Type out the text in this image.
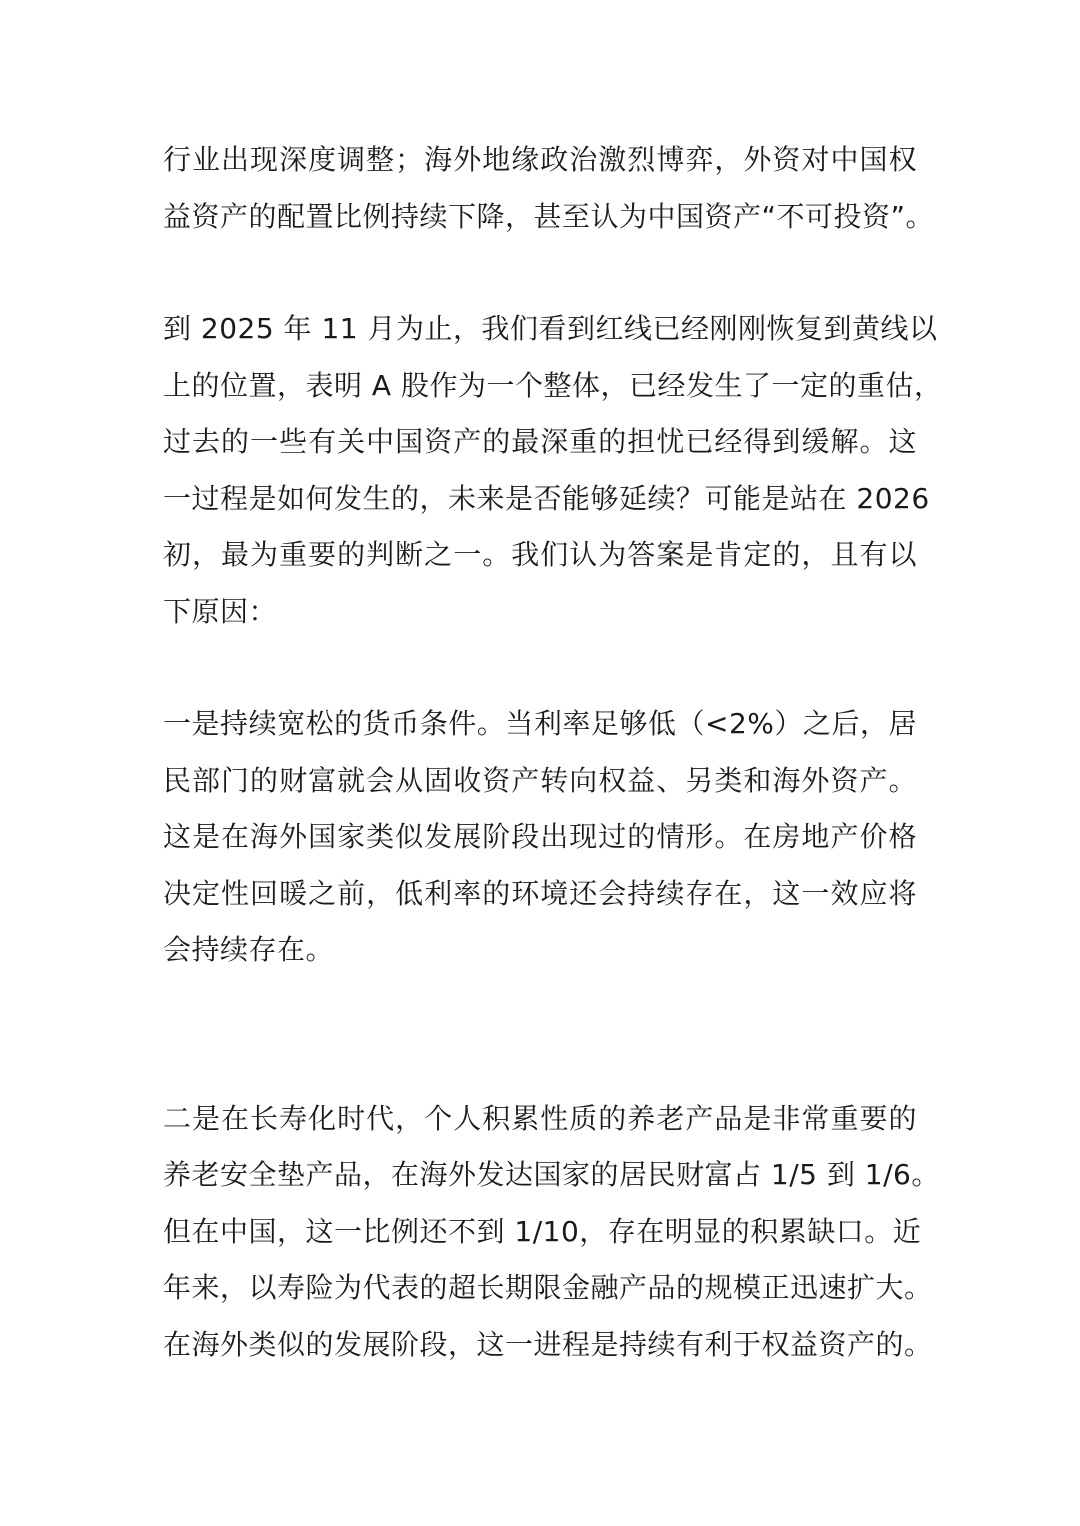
行业出现深度调整；海外地缘政治激烈博弈，外资对中国权
益资产的配置比例持续下降，甚至认为中国资产“不可投资”。
到 2025 年 11 月为止，我们看到红线已经刚刚恢复到黄线以
上的位置，表明 A 股作为一个整体，已经发生了一定的重估，
过去的一些有关中国资产的最深重的担忧已经得到缓解。这
一过程是如何发生的，未来是否能够延续？可能是站在 2026
初，最为重要的判断之一。我们认为答案是肯定的，且有以
下原因：
一是持续宽松的货币条件。当利率足够低（<2%）之后，居
民部门的财富就会从固收资产转向权益、另类和海外资产。
这是在海外国家类似发展阶段出现过的情形。在房地产价格
决定性回暖之前，低利率的环境还会持续存在，这一效应将
会持续存在。
二是在长寿化时代，个人积累性质的养老产品是非常重要的
养老安全垫产品，在海外发达国家的居民财富占 1/5 到 1/6。
但在中国，这一比例还不到 1/10，存在明显的积累缺口。近
年来，以寿险为代表的超长期限金融产品的规模正迅速扩大。
在海外类似的发展阶段，这一进程是持续有利于权益资产的。
